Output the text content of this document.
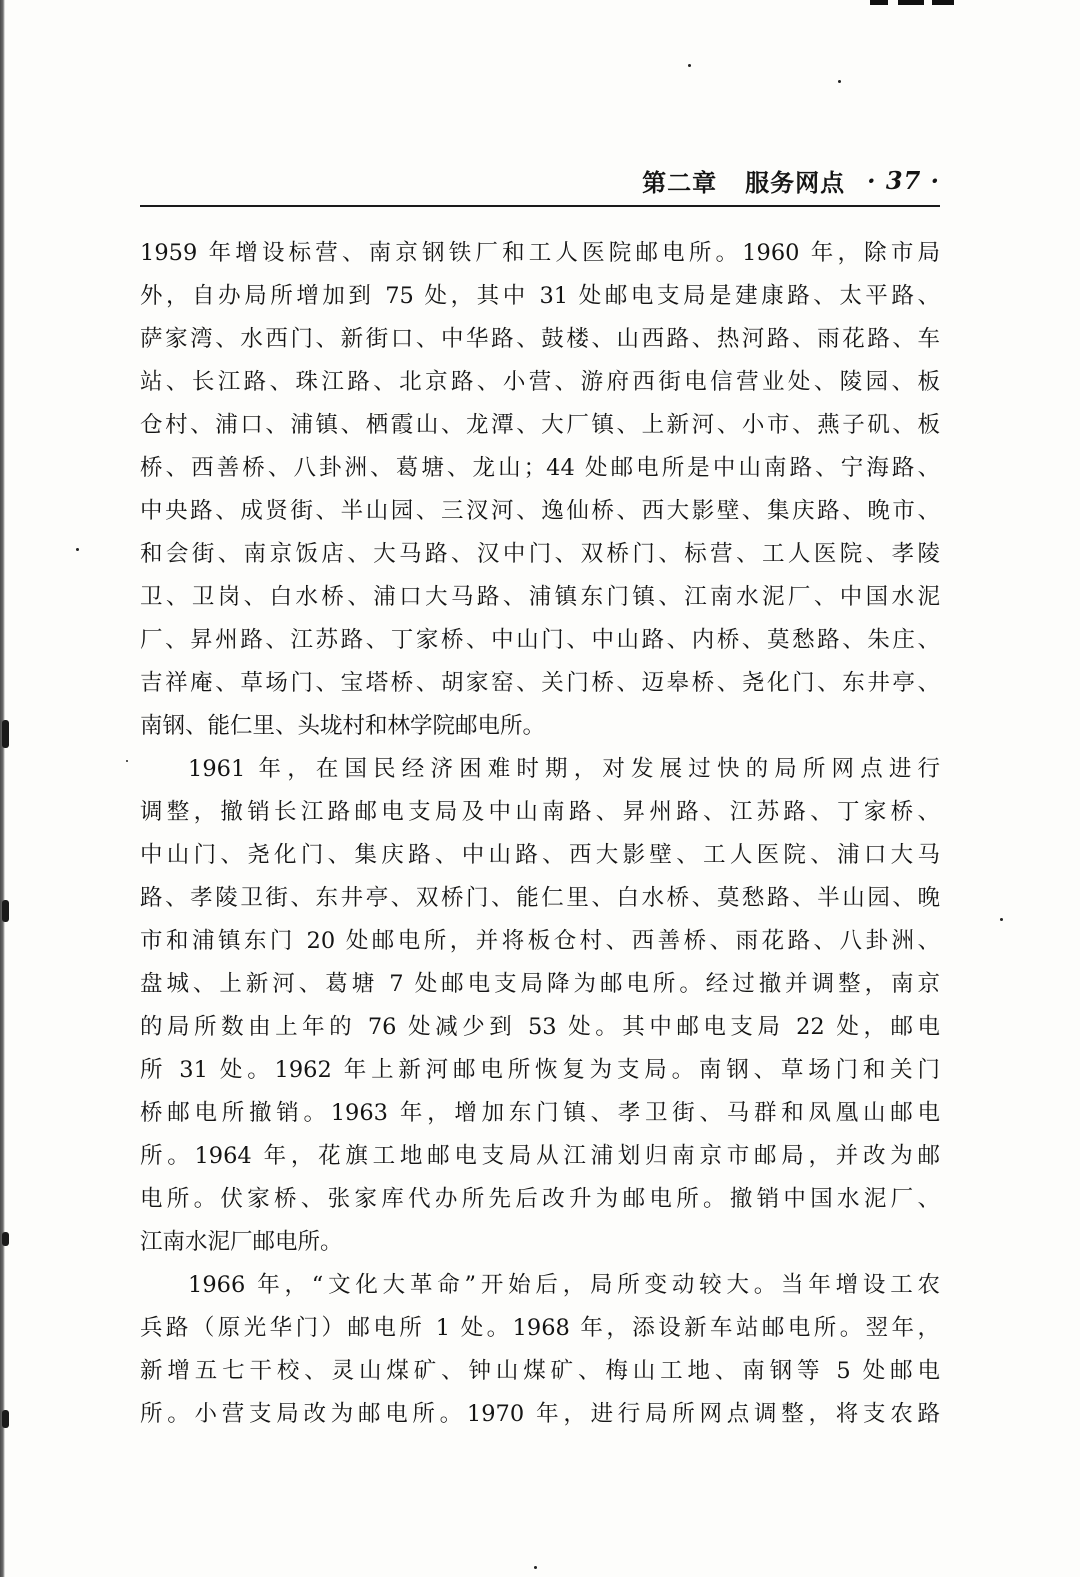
第二章 服务网点 · 37 ·
1959 年增设标营、南京钢铁厂和工人医院邮电所。1960 年，除市局
外，自办局所增加到 75 处，其中 31 处邮电支局是建康路、太平路、
萨家湾、水西门、新街口、中华路、鼓楼、山西路、热河路、雨花路、车
站、长江路、珠江路、北京路、小营、游府西街电信营业处、陵园、板
仓村、浦口、浦镇、栖霞山、龙潭、大厂镇、上新河、小市、燕子矶、板
桥、西善桥、八卦洲、葛塘、龙山；44 处邮电所是中山南路、宁海路、
中央路、成贤街、半山园、三汊河、逸仙桥、西大影壁、集庆路、晚市、
和会街、南京饭店、大马路、汉中门、双桥门、标营、工人医院、孝陵
卫、卫岗、白水桥、浦口大马路、浦镇东门镇、江南水泥厂、中国水泥
厂、昇州路、江苏路、丁家桥、中山门、中山路、内桥、莫愁路、朱庄、
吉祥庵、草场门、宝塔桥、胡家窑、关门桥、迈皋桥、尧化门、东井亭、
南钢、能仁里、头垅村和林学院邮电所。
1961 年，在国民经济困难时期，对发展过快的局所网点进行
调整，撤销长江路邮电支局及中山南路、昇州路、江苏路、丁家桥、
中山门、尧化门、集庆路、中山路、西大影壁、工人医院、浦口大马
路、孝陵卫街、东井亭、双桥门、能仁里、白水桥、莫愁路、半山园、晚
市和浦镇东门 20 处邮电所，并将板仓村、西善桥、雨花路、八卦洲、
盘城、上新河、葛塘 7 处邮电支局降为邮电所。经过撤并调整，南京
的局所数由上年的 76 处减少到 53 处。其中邮电支局 22 处，邮电
所 31 处。1962 年上新河邮电所恢复为支局。南钢、草场门和关门
桥邮电所撤销。1963 年，增加东门镇、孝卫街、马群和凤凰山邮电
所。1964 年，花旗工地邮电支局从江浦划归南京市邮局，并改为邮
电所。伏家桥、张家库代办所先后改升为邮电所。撤销中国水泥厂、
江南水泥厂邮电所。
1966 年，“文化大革命”开始后，局所变动较大。当年增设工农
兵路（原光华门）邮电所 1 处。1968 年，添设新车站邮电所。翌年，
新增五七干校、灵山煤矿、钟山煤矿、梅山工地、南钢等 5 处邮电
所。小营支局改为邮电所。1970 年，进行局所网点调整，将支农路
